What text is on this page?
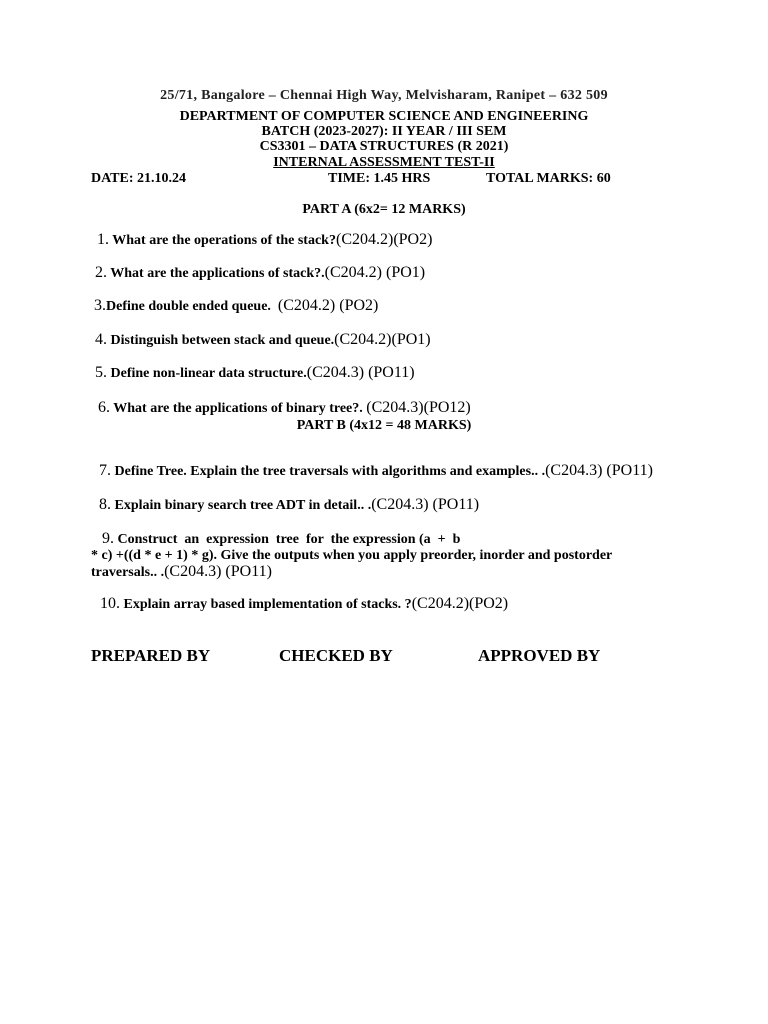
25/71, Bangalore – Chennai High Way, Melvisharam, Ranipet – 632 509
DEPARTMENT OF COMPUTER SCIENCE AND ENGINEERING
BATCH (2023-2027): II YEAR / III SEM
CS3301 – DATA STRUCTURES (R 2021)
INTERNAL ASSESSMENT TEST-II
DATE: 21.10.24	TIME: 1.45 HRS	TOTAL MARKS: 60
PART A (6x2= 12 MARKS)
1. What are the operations of the stack?(C204.2)(PO2)
2. What are the applications of stack?.(C204.2) (PO1)
3.Define double ended queue. (C204.2) (PO2)
4. Distinguish between stack and queue.(C204.2)(PO1)
5. Define non-linear data structure.(C204.3) (PO11)
6. What are the applications of binary tree?. (C204.3)(PO12)
PART B (4x12 = 48 MARKS)
7. Define Tree. Explain the tree traversals with algorithms and examples.. .(C204.3) (PO11)
8. Explain binary search tree ADT in detail.. .(C204.3) (PO11)
9. Construct  an  expression  tree  for  the expression (a  +  b
* c) +((d * e + 1) * g). Give the outputs when you apply preorder, inorder and postorder
traversals.. .(C204.3) (PO11)
10. Explain array based implementation of stacks. ?(C204.2)(PO2)
PREPARED BY	CHECKED BY	APPROVED BY
